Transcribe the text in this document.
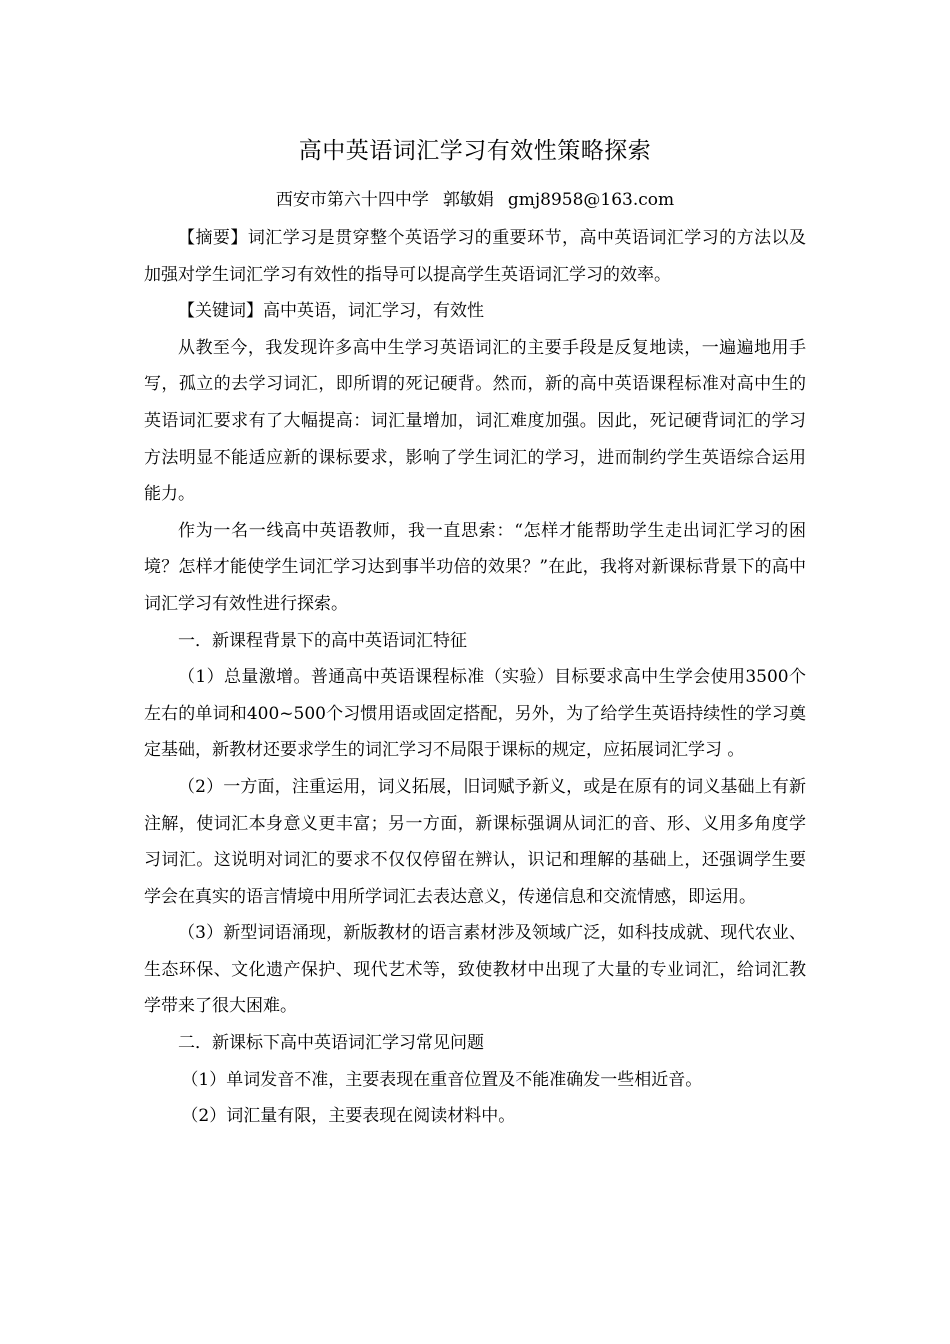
高中英语词汇学习有效性策略探索
西安市第六十四中学 郭敏娟 gmj8958@163.com

【摘要】词汇学习是贯穿整个英语学习的重要环节，高中英语词汇学习的方法以及加强对学生词汇学习有效性的指导可以提高学生英语词汇学习的效率。

【关键词】高中英语，词汇学习，有效性

从教至今，我发现许多高中生学习英语词汇的主要手段是反复地读，一遍遍地用手写，孤立的去学习词汇，即所谓的死记硬背。然而，新的高中英语课程标准对高中生的英语词汇要求有了大幅提高：词汇量增加，词汇难度加强。因此，死记硬背词汇的学习方法明显不能适应新的课标要求，影响了学生词汇的学习，进而制约学生英语综合运用能力。

作为一名一线高中英语教师，我一直思索：“怎样才能帮助学生走出词汇学习的困境？怎样才能使学生词汇学习达到事半功倍的效果？”在此，我将对新课标背景下的高中词汇学习有效性进行探索。

一．新课程背景下的高中英语词汇特征

（1）总量激增。普通高中英语课程标准（实验）目标要求高中生学会使用3500个左右的单词和400~500个习惯用语或固定搭配，另外，为了给学生英语持续性的学习奠定基础，新教材还要求学生的词汇学习不局限于课标的规定，应拓展词汇学习 。

（2）一方面，注重运用，词义拓展，旧词赋予新义，或是在原有的词义基础上有新注解，使词汇本身意义更丰富；另一方面，新课标强调从词汇的音、形、义用多角度学习词汇。这说明对词汇的要求不仅仅停留在辨认，识记和理解的基础上，还强调学生要学会在真实的语言情境中用所学词汇去表达意义，传递信息和交流情感，即运用。

（3）新型词语涌现，新版教材的语言素材涉及领域广泛，如科技成就、现代农业、生态环保、文化遗产保护、现代艺术等，致使教材中出现了大量的专业词汇，给词汇教学带来了很大困难。

二．新课标下高中英语词汇学习常见问题

（1）单词发音不准，主要表现在重音位置及不能准确发一些相近音。

（2）词汇量有限，主要表现在阅读材料中。
